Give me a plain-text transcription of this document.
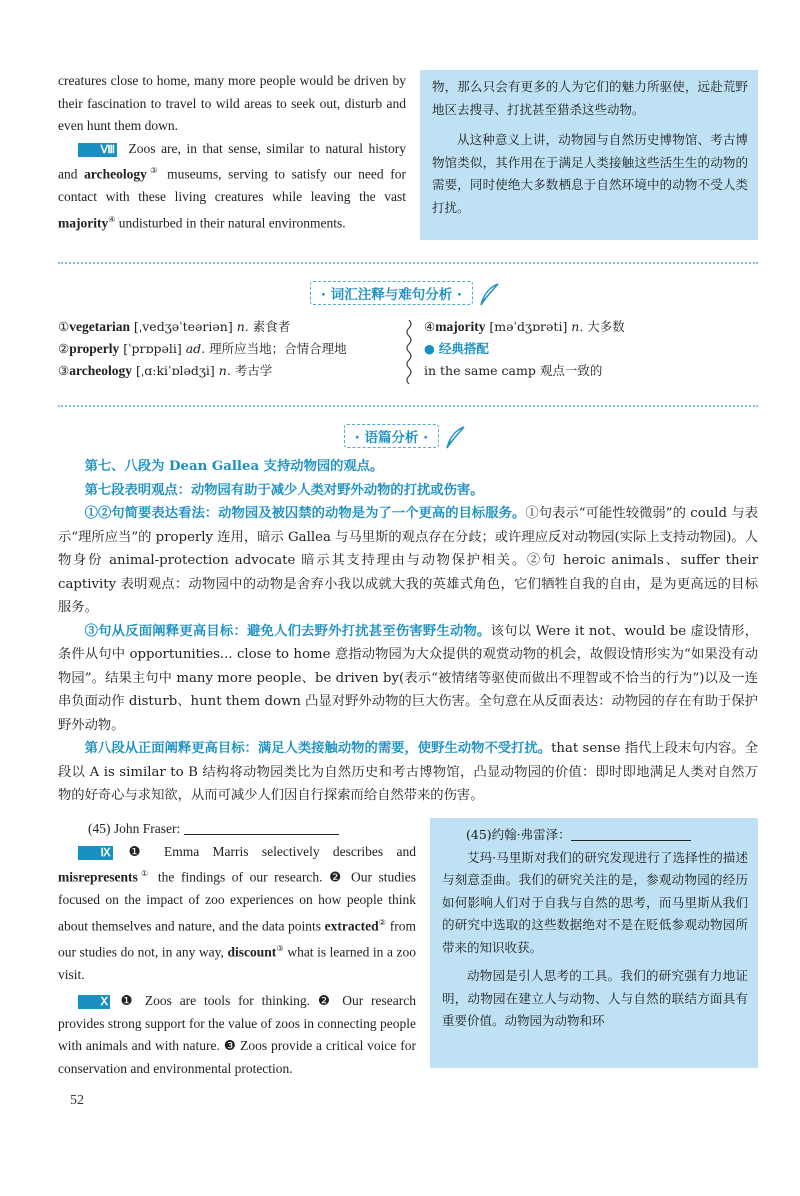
creatures close to home, many more people would be driven by their fascination to travel to wild areas to seek out, disturb and even hunt them down.

Ⅷ Zoos are, in that sense, similar to natural history and archeology③ museums, serving to satisfy our need for contact with these living creatures while leaving the vast majority④ undisturbed in their natural environments.

物，那么只会有更多的人为它们的魅力所驱使，远赴荒野地区去搜寻、打扰甚至猎杀这些动物。

从这种意义上讲，动物园与自然历史博物馆、考古博物馆类似，其作用在于满足人类接触这些活生生的动物的需要，同时使绝大多数栖息于自然环境中的动物不受人类打扰。

· 词汇注释与难句分析 ·
①vegetarian [ˌvedʒəˈteəriən] n. 素食者
②properly [ˈprɒpəli] ad. 理所应当地；合情合理地
③archeology [ˌɑːkiˈɒlədʒi] n. 考古学
④majority [məˈdʒɒrəti] n. 大多数
● 经典搭配
in the same camp 观点一致的
· 语篇分析 ·

第七、八段为 Dean Gallea 支持动物园的观点。

第七段表明观点：动物园有助于减少人类对野外动物的打扰或伤害。

①②句简要表达看法：动物园及被囚禁的动物是为了一个更高的目标服务。①句表示“可能性较微弱”的 could 与表示“理所应当”的 properly 连用，暗示 Gallea 与马里斯的观点存在分歧；或许理应反对动物园(实际上支持动物园)。人物身份 animal-protection advocate 暗示其支持理由与动物保护相关。②句 heroic animals、suffer their captivity 表明观点：动物园中的动物是舍弃小我以成就大我的英雄式角色，它们牺牲自我的自由，是为更高远的目标服务。

③句从反面阐释更高目标：避免人们去野外打扰甚至伤害野生动物。该句以 Were it not、would be 虚设情形，条件从句中 opportunities... close to home 意指动物园为大众提供的观赏动物的机会，故假设情形实为“如果没有动物园”。结果主句中 many more people、be driven by(表示“被情绪等驱使而做出不理智或不恰当的行为”)以及一连串负面动作 disturb、hunt them down 凸显对野外动物的巨大伤害。全句意在从反面表达：动物园的存在有助于保护野外动物。

第八段从正面阐释更高目标：满足人类接触动物的需要，使野生动物不受打扰。that sense 指代上段末句内容。全段以 A is similar to B 结构将动物园类比为自然历史和考古博物馆，凸显动物园的价值：即时即地满足人类对自然万物的好奇心与求知欲，从而可减少人们因自行探索而给自然带来的伤害。

(45) John Fraser:

Ⅸ ❶ Emma Marris selectively describes and misrepresents① the findings of our research. ❷ Our studies focused on the impact of zoo experiences on how people think about themselves and nature, and the data points extracted② from our studies do not, in any way, discount③ what is learned in a zoo visit.

Ⅹ ❶ Zoos are tools for thinking. ❷ Our research provides strong support for the value of zoos in connecting people with animals and with nature. ❸ Zoos provide a critical voice for conservation and environmental protection.

(45)约翰·弗雷泽：

艾玛·马里斯对我们的研究发现进行了选择性的描述与刻意歪曲。我们的研究关注的是，参观动物园的经历如何影响人们对于自我与自然的思考，而马里斯从我们的研究中选取的这些数据绝对不是在贬低参观动物园所带来的知识收获。

动物园是引人思考的工具。我们的研究强有力地证明，动物园在建立人与动物、人与自然的联结方面具有重要价值。动物园为动物和环

52
